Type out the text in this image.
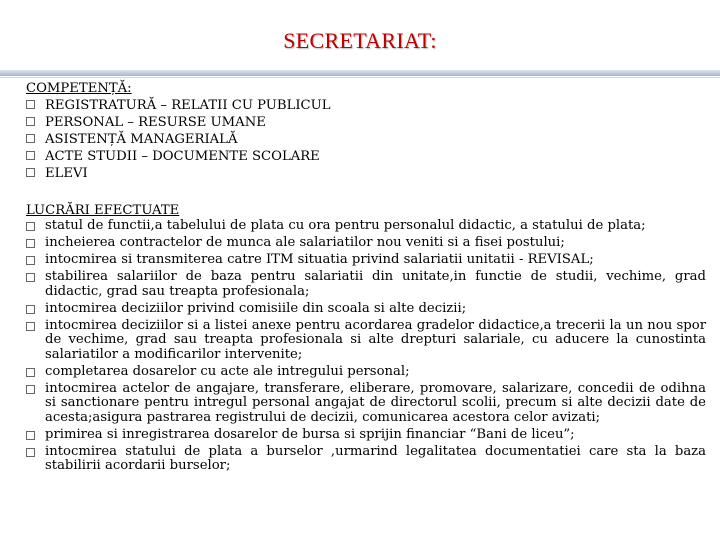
SECRETARIAT:
COMPETENȚĂ:
REGISTRATURĂ – RELATII CU PUBLICUL
PERSONAL – RESURSE UMANE
ASISTENȚĂ MANAGERIALĂ
ACTE STUDII – DOCUMENTE SCOLARE
ELEVI
LUCRĂRI EFECTUATE
statul de functii,a tabelului de plata cu ora pentru personalul didactic, a statului de plata;
incheierea contractelor de munca ale salariatilor nou veniti si a fisei postului;
intocmirea si transmiterea catre ITM situatia privind salariatii unitatii - REVISAL;
stabilirea salariilor de baza pentru salariatii din unitate,in functie de studii, vechime, grad didactic, grad sau treapta profesionala;
intocmirea deciziilor privind comisiile din scoala si alte decizii;
intocmirea deciziilor si a listei anexe pentru acordarea gradelor didactice,a trecerii la un nou spor de vechime, grad sau treapta profesionala si alte drepturi salariale, cu aducere la cunostinta salariatilor a modificarilor intervenite;
completarea dosarelor cu acte ale intregului personal;
intocmirea actelor de angajare, transferare, eliberare, promovare, salarizare, concedii de odihna si sanctionare pentru intregul personal angajat de directorul scolii, precum si alte decizii date de acesta;asigura pastrarea registrului de decizii, comunicarea acestora celor avizati;
primirea si inregistrarea dosarelor de bursa si sprijin financiar “Bani de liceu”;
intocmirea statului de plata a burselor ,urmarind legalitatea documentatiei care sta la baza stabilirii acordarii burselor;
